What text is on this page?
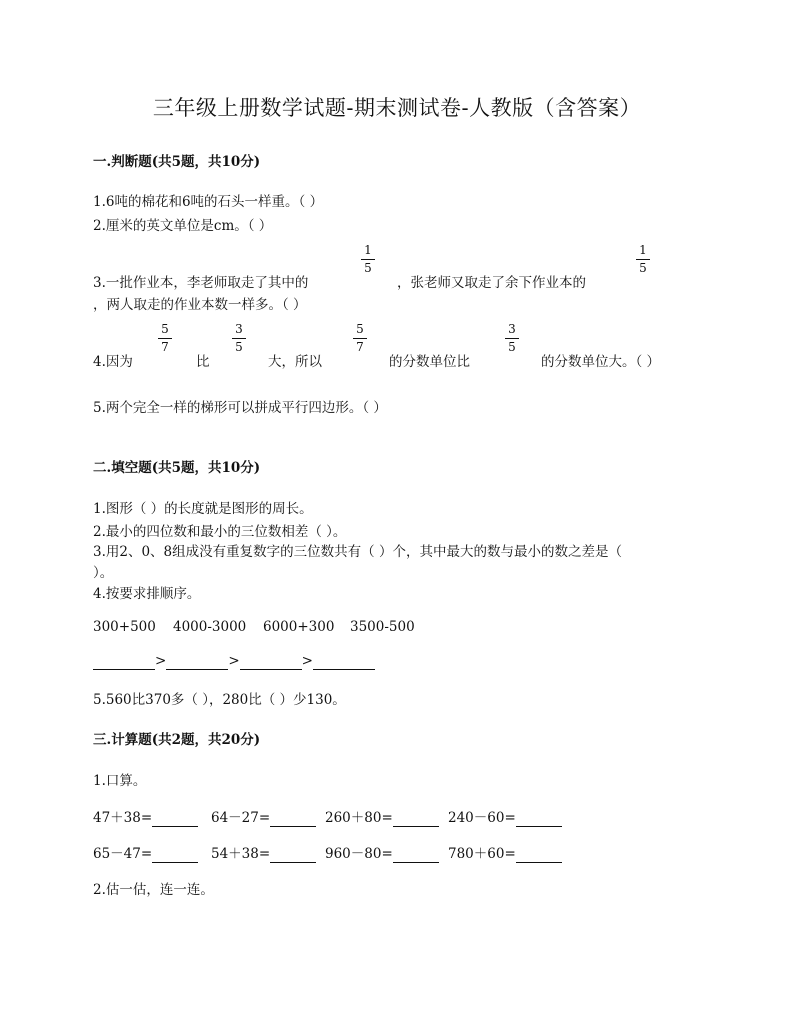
三年级上册数学试题-期末测试卷-人教版（含答案）
一.判断题(共5题，共10分)
1.6吨的棉花和6吨的石头一样重。（ ）
2.厘米的英文单位是cm。（ ）
3.一批作业本，李老师取走了其中的
1
5
，张老师又取走了余下作业本的
1
5
，两人取走的作业本数一样多。（ ）
4.因为
5
7
比
3
5
大，所以
5
7
的分数单位比
3
5
的分数单位大。（ ）
5.两个完全一样的梯形可以拼成平行四边形。（ ）
二.填空题(共5题，共10分)
1.图形（ ）的长度就是图形的周长。
2.最小的四位数和最小的三位数相差（ ）。
3.用2、0、8组成没有重复数字的三位数共有（ ）个，其中最大的数与最小的数之差是（
）。
4.按要求排顺序。
300+500 4000-3000 6000+300 3500-500
>	>	>
5.560比370多（ ），280比（ ）少130。
三.计算题(共2题，共20分)
1.口算。
47＋38=	64－27=	260＋80=	240－60=
65－47=	54＋38=	960－80=	780＋60=
2.估一估，连一连。
